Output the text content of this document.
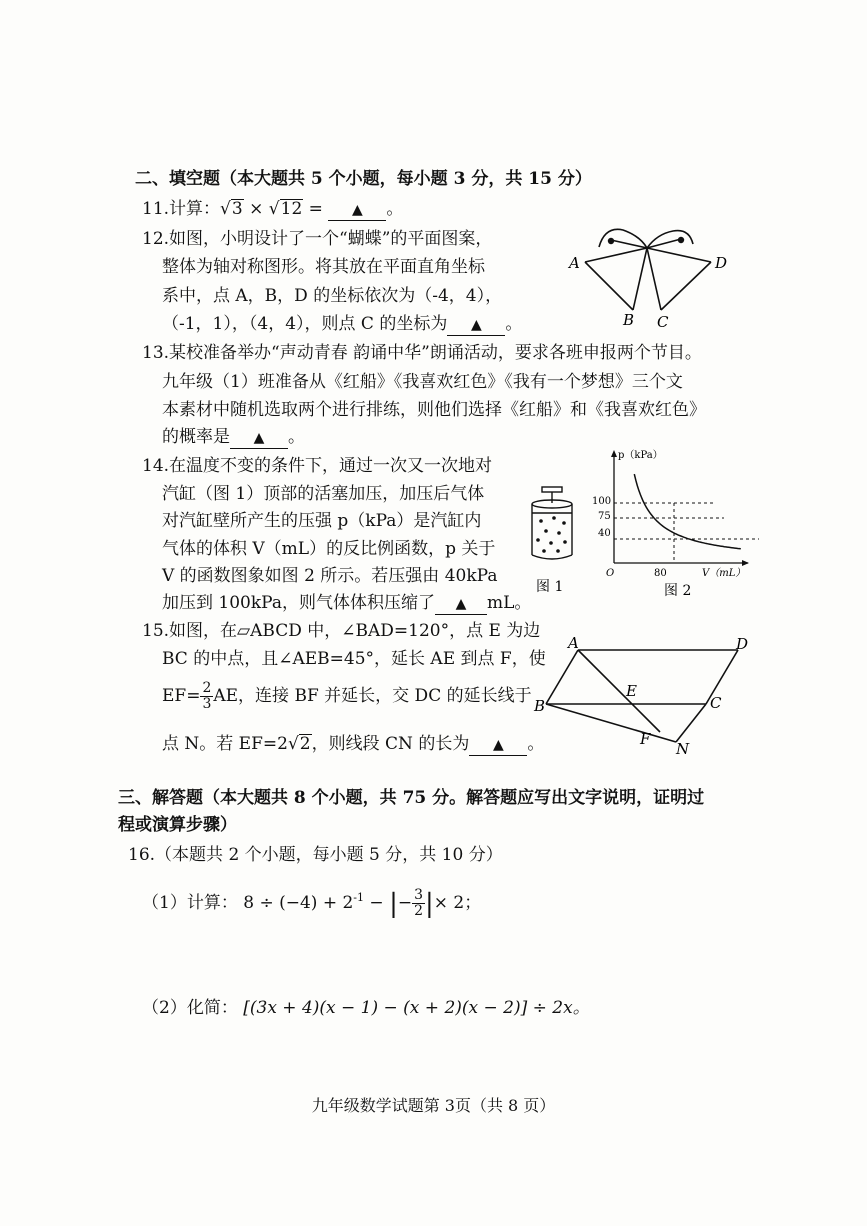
二、填空题（本大题共 5 个小题，每小题 3 分，共 15 分）
11.计算：√3 × √12 = ▲ 。
12.如图，小明设计了一个“蝴蝶”的平面图案，
整体为轴对称图形。将其放在平面直角坐标
系中，点 A，B，D 的坐标依次为（-4，4），
（-1，1），（4，4），则点 C 的坐标为 ▲ 。
A
B C
D
13.某校准备举办“声动青春 韵诵中华”朗诵活动，要求各班申报两个节目。
九年级（1）班准备从《红船》《我喜欢红色》《我有一个梦想》三个文
本素材中随机选取两个进行排练，则他们选择《红船》和《我喜欢红色》
的概率是 ▲ 。
14.在温度不变的条件下，通过一次又一次地对
汽缸（图 1）顶部的活塞加压，加压后气体
对汽缸壁所产生的压强 p（kPa）是汽缸内
气体的体积 V（mL）的反比例函数，p 关于
V 的函数图象如图 2 所示。若压强由 40kPa
加压到 100kPa，则气体体积压缩了 ▲ mL。
图 1
p（kPa）
V（mL）
O
100
75
40
80
图 2
15.如图，在▱ABCD 中，∠BAD=120°，点 E 为边
BC 的中点，且∠AEB=45°，延长 AE 到点 F，使
$EF= \frac{2}{3}$ AE，连接 BF 并延长，交 DC 的延长线于
点 N。若 EF=2√2，则线段 CN 的长为 ▲ 。
A	D
E
B	C
F
N
三、解答题（本大题共 8 个小题，共 75 分。解答题应写出文字说明，证明过
程或演算步骤）
16.（本题共 2 个小题，每小题 5 分，共 10 分）
（1）计算： $8 \div (-4) + 2^{-1}$ − |− $\frac{3}{2}$ |× 2；
（2）化简： [(3x + 4)(x − 1) − (x + 2)(x − 2)] ÷ 2x。
九年级数学试题第 3页（共 8 页）
